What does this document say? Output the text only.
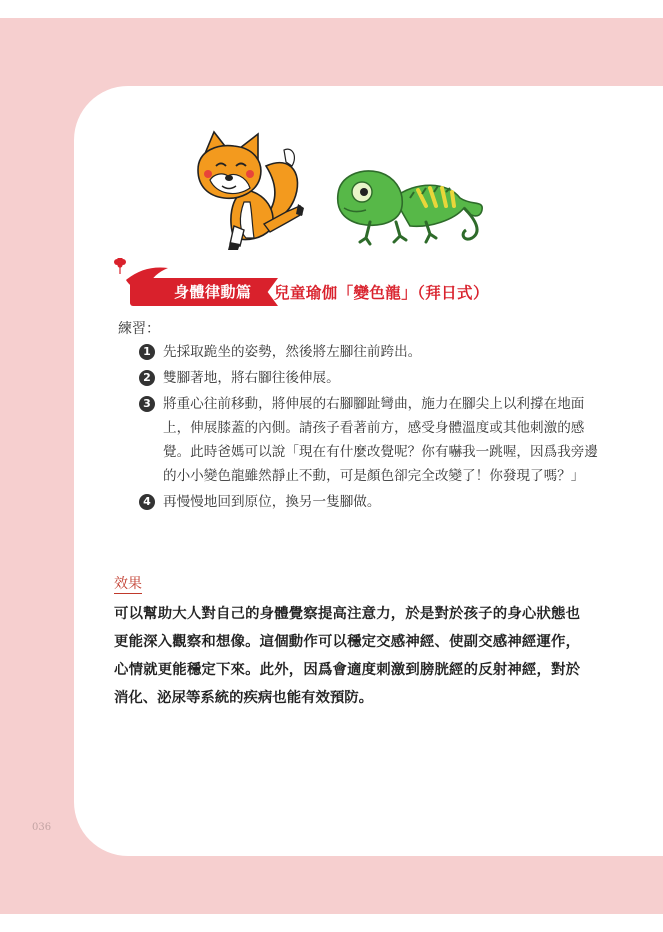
036
身體律動篇 兒童瑜伽「變色龍」（拜日式）
練習：
1 先採取跪坐的姿勢，然後將左腳往前跨出。
2 雙腳著地，將右腳往後伸展。
3 將重心往前移動，將伸展的右腳腳趾彎曲，施力在腳尖上以利撐在地面上，伸展膝蓋的內側。請孩子看著前方，感受身體溫度或其他刺激的感覺。此時爸媽可以說「現在有什麼改覺呢？你有嚇我一跳喔，因爲我旁邊的小小變色龍雖然靜止不動，可是顏色卻完全改變了！你發現了嗎？」
4 再慢慢地回到原位，換另一隻腳做。
效果
可以幫助大人對自己的身體覺察提高注意力，於是對於孩子的身心狀態也更能深入觀察和想像。這個動作可以穩定交感神經、使副交感神經運作，心情就更能穩定下來。此外，因爲會適度刺激到膀胱經的反射神經，對於消化、泌尿等系統的疾病也能有效預防。
